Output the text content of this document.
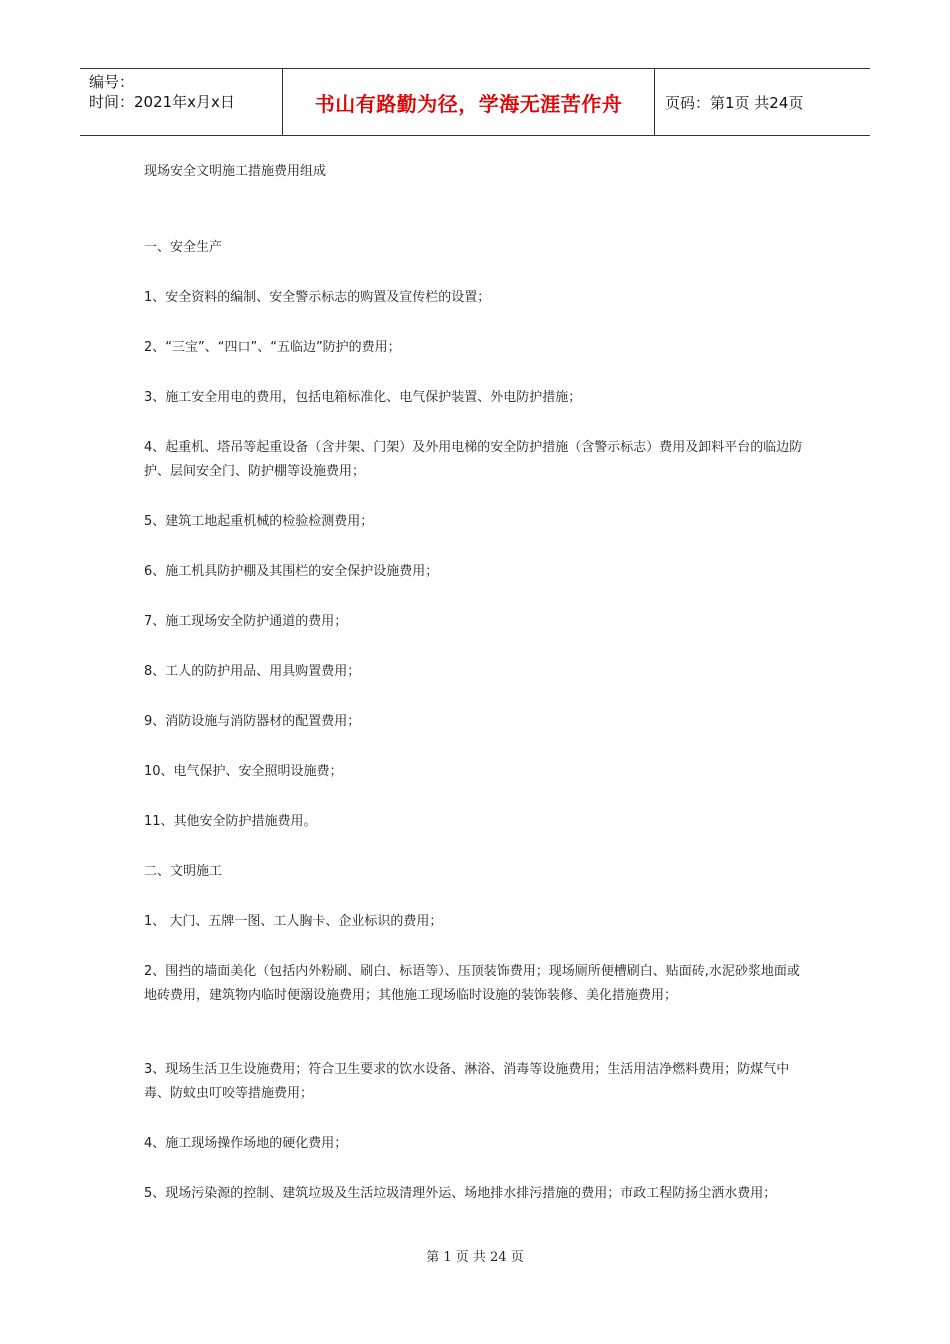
编号：
时间：2021年x月x日	书山有路勤为径，学海无涯苦作舟	页码：第1页 共24页

现场安全文明施工措施费用组成

一、安全生产

1、安全资料的编制、安全警示标志的购置及宣传栏的设置；

2、“三宝”、“四口”、“五临边”防护的费用；

3、施工安全用电的费用，包括电箱标准化、电气保护装置、外电防护措施；

4、起重机、塔吊等起重设备（含井架、门架）及外用电梯的安全防护措施（含警示标志）费用及卸料平台的临边防护、层间安全门、防护棚等设施费用；

5、建筑工地起重机械的检验检测费用；

6、施工机具防护棚及其围栏的安全保护设施费用；

7、施工现场安全防护通道的费用；

8、工人的防护用品、用具购置费用；

9、消防设施与消防器材的配置费用；

10、电气保护、安全照明设施费；

11、其他安全防护措施费用。

二、文明施工

1、 大门、五牌一图、工人胸卡、企业标识的费用；

2、围挡的墙面美化（包括内外粉刷、刷白、标语等）、压顶装饰费用；现场厕所便槽刷白、贴面砖,水泥砂浆地面或地砖费用，建筑物内临时便溺设施费用；其他施工现场临时设施的装饰装修、美化措施费用；

3、现场生活卫生设施费用；符合卫生要求的饮水设备、淋浴、消毒等设施费用；生活用洁净燃料费用；防煤气中毒、防蚊虫叮咬等措施费用；

4、施工现场操作场地的硬化费用；

5、现场污染源的控制、建筑垃圾及生活垃圾清理外运、场地排水排污措施的费用；市政工程防扬尘洒水费用；

第 1 页 共 24 页
